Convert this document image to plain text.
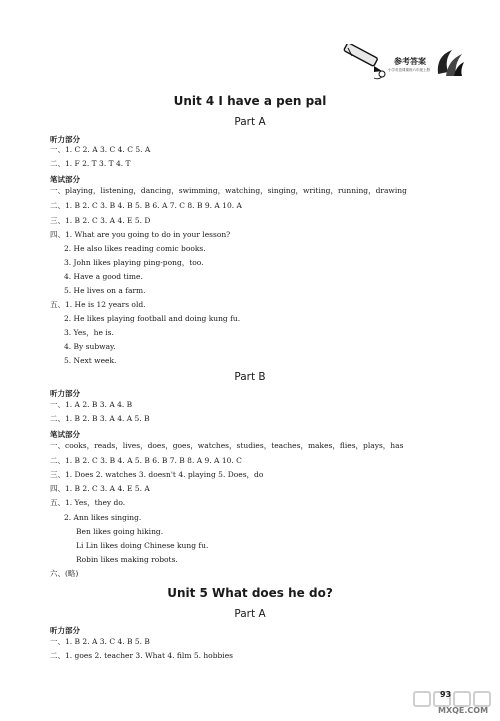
参考答案
小学英语课课练六年级上册
Unit 4 I have a pen pal
Part A
听力部分
一、1. C 2. A 3. C 4. C 5. A
二、1. F 2. T 3. T 4. T
笔试部分
一、playing，listening，dancing，swimming，watching，singing，writing，running，drawing
二、1. B 2. C 3. B 4. B 5. B 6. A 7. C 8. B 9. A 10. A
三、1. B 2. C 3. A 4. E 5. D
四、1. What are you going to do in your lesson?
2. He also likes reading comic books.
3. John likes playing ping-pong，too.
4. Have a good time.
5. He lives on a farm.
五、1. He is 12 years old.
2. He likes playing football and doing kung fu.
3. Yes，he is.
4. By subway.
5. Next week.
Part B
听力部分
一、1. A 2. B 3. A 4. B
二、1. B 2. B 3. A 4. A 5. B
笔试部分
一、cooks，reads，lives，does，goes，watches，studies，teaches，makes，flies，plays，has
二、1. B 2. C 3. B 4. A 5. B 6. B 7. B 8. A 9. A 10. C
三、1. Does 2. watches 3. doesn't 4. playing 5. Does，do
四、1. B 2. C 3. A 4. E 5. A
五、1. Yes，they do.
2. Ann likes singing.
Ben likes going hiking.
Li Lin likes doing Chinese kung fu.
Robin likes making robots.
六、(略)
Unit 5 What does he do?
Part A
听力部分
一、1. B 2. A 3. C 4. B 5. B
二、1. goes 2. teacher 3. What 4. film 5. hobbies
93
MXQE.COM
